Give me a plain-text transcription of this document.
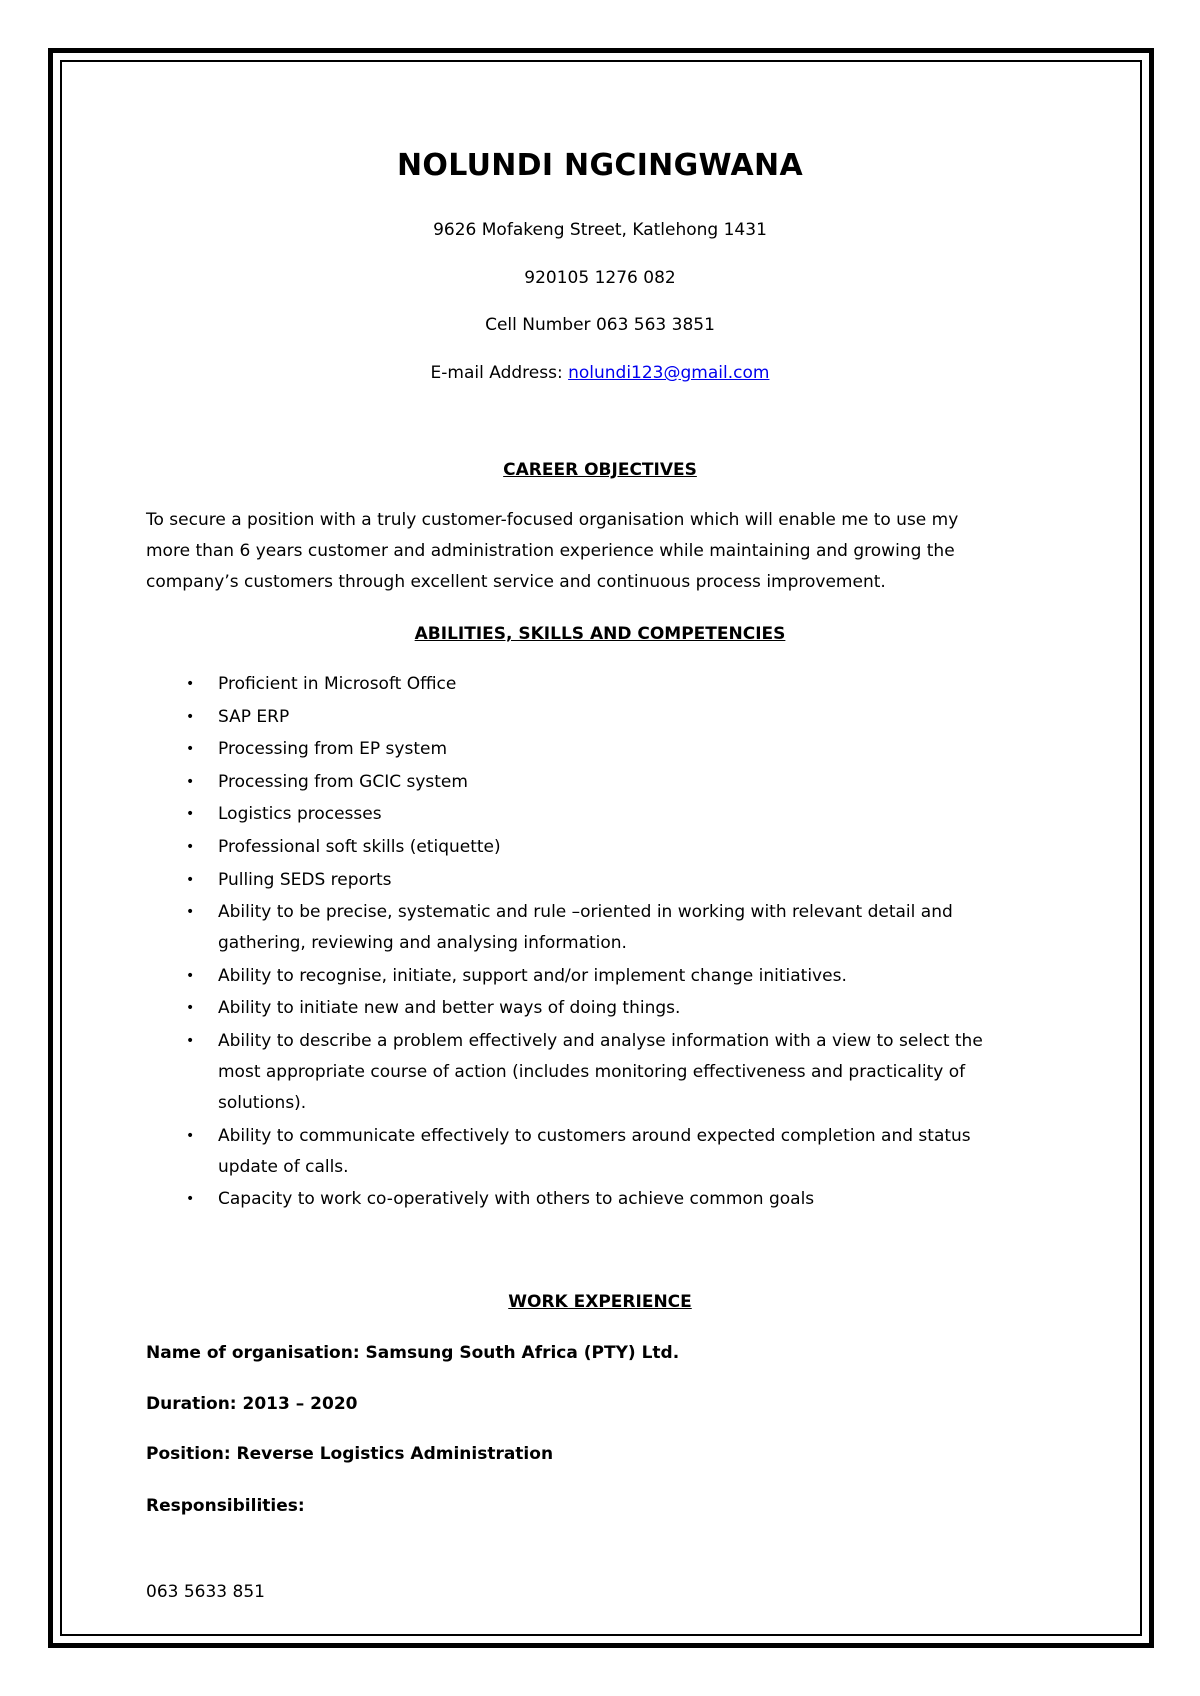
NOLUNDI NGCINGWANA
9626 Mofakeng Street, Katlehong 1431
920105 1276 082
Cell Number 063 563 3851
E-mail Address: nolundi123@gmail.com
CAREER OBJECTIVES
To secure a position with a truly customer-focused organisation which will enable me to use my
more than 6 years customer and administration experience while maintaining and growing the
company’s customers through excellent service and continuous process improvement.
ABILITIES, SKILLS AND COMPETENCIES
• Proficient in Microsoft Office
• SAP ERP
• Processing from EP system
• Processing from GCIC system
• Logistics processes
• Professional soft skills (etiquette)
• Pulling SEDS reports
• Ability to be precise, systematic and rule –oriented in working with relevant detail and
gathering, reviewing and analysing information.
• Ability to recognise, initiate, support and/or implement change initiatives.
• Ability to initiate new and better ways of doing things.
• Ability to describe a problem effectively and analyse information with a view to select the
most appropriate course of action (includes monitoring effectiveness and practicality of
solutions).
• Ability to communicate effectively to customers around expected completion and status
update of calls.
• Capacity to work co-operatively with others to achieve common goals
WORK EXPERIENCE
Name of organisation: Samsung South Africa (PTY) Ltd.
Duration: 2013 – 2020
Position: Reverse Logistics Administration
Responsibilities:
063 5633 851
